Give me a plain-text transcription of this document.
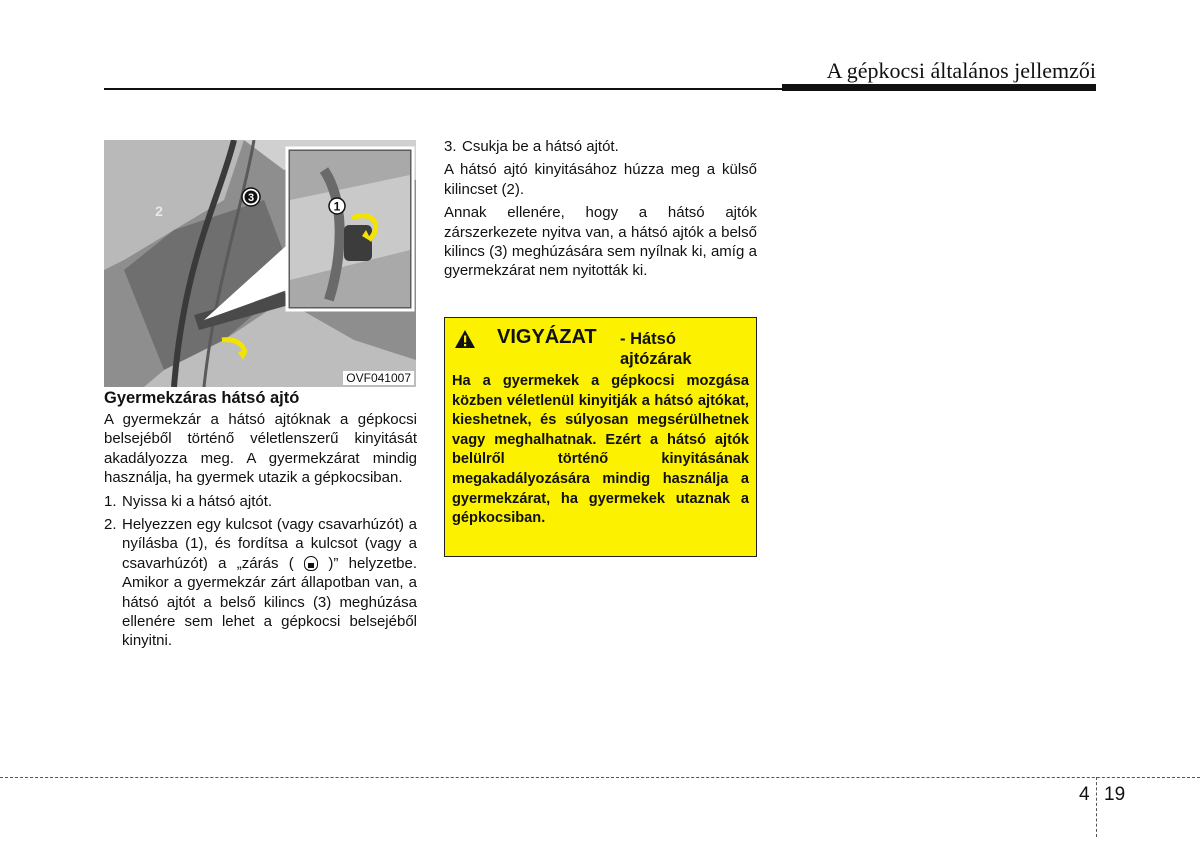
A gépkocsi általános jellemzői
1
3
2
OVF041007
Gyermekzáras hátsó ajtó

A gyermekzár a hátsó ajtóknak a gépkocsi belsejéből történő véletlenszerű kinyitását akadályozza meg. A gyermekzárat mindig használja, ha gyermek utazik a gépkocsiban.

1. Nyissa ki a hátsó ajtót.
2. Helyezzen egy kulcsot (vagy csavarhúzót) a nyílásba (1), és fordítsa a kulcsot (vagy a csavarhúzót) a „zárás ( )” helyzetbe. Amikor a gyermekzár zárt állapotban van, a hátsó ajtót a belső kilincs (3) meghúzása ellenére sem lehet a gépkocsi belsejéből kinyitni.
3. Csukja be a hátsó ajtót.

A hátsó ajtó kinyitásához húzza meg a külső kilincset (2).

Annak ellenére, hogy a hátsó ajtók zárszerkezete nyitva van, a hátsó ajtók a belső kilincs (3) meghúzására sem nyílnak ki, amíg a gyermekzárat nem nyitották ki.

VIGYÁZAT - Hátsó
ajtózárak
Ha a gyermekek a gépkocsi mozgása közben véletlenül kinyitják a hátsó ajtókat, kieshetnek, és súlyosan megsérülhetnek vagy meghalhatnak. Ezért a hátsó ajtók belülről történő kinyitásának megakadályozására mindig használja a gyermekzárat, ha gyermekek utaznak a gépkocsiban.
4 19
